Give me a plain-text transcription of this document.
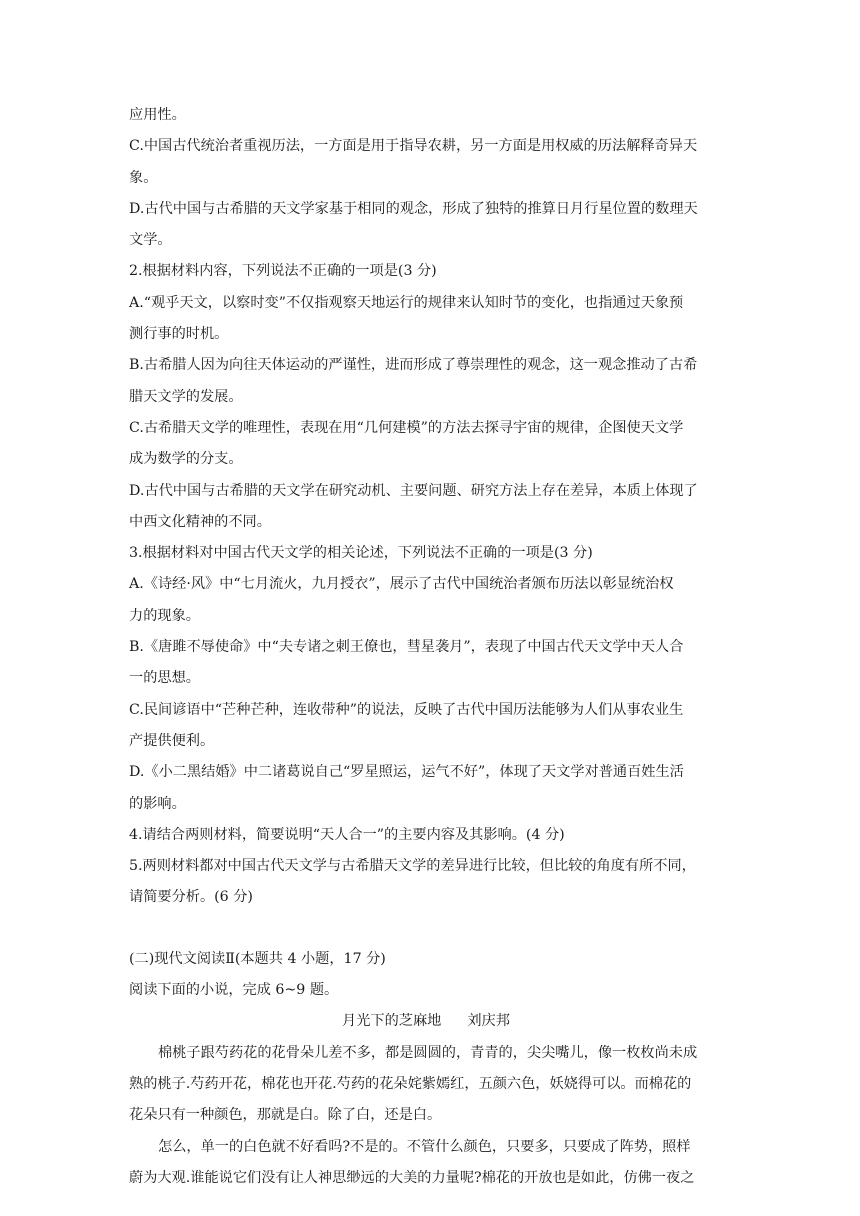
应用性。
C.中国古代统治者重视历法，一方面是用于指导农耕，另一方面是用权威的历法解释奇异天
象。
D.古代中国与古希腊的天文学家基于相同的观念，形成了独特的推算日月行星位置的数理天
文学。
2.根据材料内容，下列说法不正确的一项是(3 分)
A.“观乎天文，以察时变”不仅指观察天地运行的规律来认知时节的变化，也指通过天象预
测行事的时机。
B.古希腊人因为向往天体运动的严谨性，进而形成了尊崇理性的观念，这一观念推动了古希
腊天文学的发展。
C.古希腊天文学的唯理性，表现在用“几何建模”的方法去探寻宇宙的规律，企图使天文学
成为数学的分支。
D.古代中国与古希腊的天文学在研究动机、主要问题、研究方法上存在差异，本质上体现了
中西文化精神的不同。
3.根据材料对中国古代天文学的相关论述，下列说法不正确的一项是(3 分)
A.《诗经·风》中“七月流火，九月授衣”，展示了古代中国统治者颁布历法以彰显统治权
力的现象。
B.《唐雎不辱使命》中“夫专诸之刺王僚也，彗星袭月”，表现了中国古代天文学中天人合
一的思想。
C.民间谚语中“芒种芒种，连收带种”的说法，反映了古代中国历法能够为人们从事农业生
产提供便利。
D.《小二黑结婚》中二诸葛说自己“罗星照运，运气不好”，体现了天文学对普通百姓生活
的影响。
4.请结合两则材料，简要说明“天人合一”的主要内容及其影响。(4 分)
5.两则材料都对中国古代天文学与古希腊天文学的差异进行比较，但比较的角度有所不同，
请简要分析。(6 分)
(二)现代文阅读Ⅱ(本题共 4 小题，17 分)
阅读下面的小说，完成 6~9 题。
月光下的芝麻地 刘庆邦
棉桃子跟芍药花的花骨朵儿差不多，都是圆圆的，青青的，尖尖嘴儿，像一枚枚尚未成
熟的桃子.芍药开花，棉花也开花.芍药的花朵姹紫嫣红，五颜六色，妖娆得可以。而棉花的
花朵只有一种颜色，那就是白。除了白，还是白。
怎么，单一的白色就不好看吗?不是的。不管什么颜色，只要多，只要成了阵势，照样
蔚为大观.谁能说它们没有让人神思缈远的大美的力量呢?棉花的开放也是如此，仿佛一夜之
